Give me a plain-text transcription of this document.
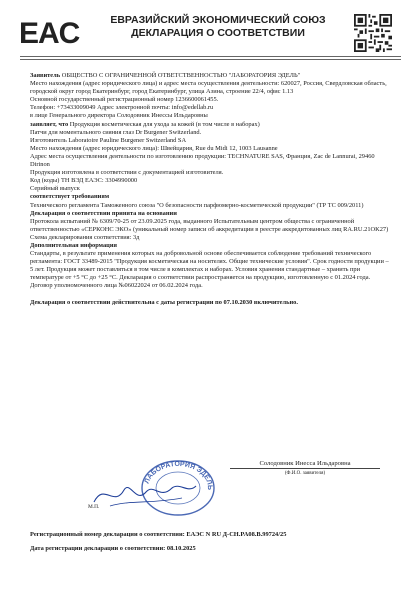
EAC	ЕВРАЗИЙСКИЙ ЭКОНОМИЧЕСКИЙ СОЮЗ
ДЕКЛАРАЦИЯ О СООТВЕТСТВИИ

Заявитель ОБЩЕСТВО С ОГРАНИЧЕННОЙ ОТВЕТСТВЕННОСТЬЮ "ЛАБОРАТОРИЯ ЭДЕЛЬ"

Место нахождения (адрес юридического лица) и адрес места осуществления деятельности: 620027, Россия, Свердловская область, городской округ город Екатеринбург, город Екатеринбург, улица Азина, строение 22/4, офис 1.13

Основной государственный регистрационный номер 1236600061455.

Телефон: +73433009049 Адрес электронной почты: info@edellab.ru

в лице Генерального директора Солодовник Инессы Ильдаровны

заявляет, что Продукция косметическая для ухода за кожей (в том числе в наборах)

Патчи для моментального сияния глаз Dr Burgener Switzerland.

Изготовитель Laboratoire Pauline Burgener Switzerland SA

Место нахождения (адрес юридического лица): Швейцария, Rue du Midi 12, 1003 Lausanne

Адрес места осуществления деятельности по изготовлению продукции: TECHNATURE SAS, Франция, Zac de Lannurai, 29460 Dirinon

Продукция изготовлена в соответствии с документацией изготовителя.

Код (коды) ТН ВЭД ЕАЭС: 3304990000

Серийный выпуск

соответствует требованиям

Технического регламента Таможенного союза "О безопасности парфюмерно-косметической продукции" (ТР ТС 009/2011)

Декларация о соответствии принята на основании

Протокола испытаний № 6309/70-25 от 23.09.2025 года, выданного Испытательным центром общества с ограниченной ответственностью «СЕРКОНС ЭКО» (уникальный номер записи об аккредитации в реестре аккредитованных лиц RA.RU.21OK27)

Схема декларирования соответствия: 3д

Дополнительная информация

Стандарты, в результате применения которых на добровольной основе обеспечивается соблюдение требований технического регламента: ГОСТ 33489-2015 "Продукция косметическая на носителях. Общие технические условия". Срок годности продукции – 5 лет. Продукция может поставляться в том числе в комплектах и наборах. Условия хранения стандартные – хранить при температуре от +5 °С до +25 °С. Декларация о соответствии распространяется на продукцию, изготовленную с 01.2024 года. Договор уполномоченного лица №06022024 от 06.02.2024 года.

Декларация о соответствии действительна с даты регистрации по 07.10.2030 включительно.

ЛАБОРАТОРИЯ ЭДЕЛЬ
Солодовник Инесса Ильдаровна
(Ф.И.О. заявителя)
М.П.
Регистрационный номер декларации о соответствии: ЕАЭС N RU Д-CH.PA08.B.99724/25
Дата регистрации декларации о соответствии: 08.10.2025
